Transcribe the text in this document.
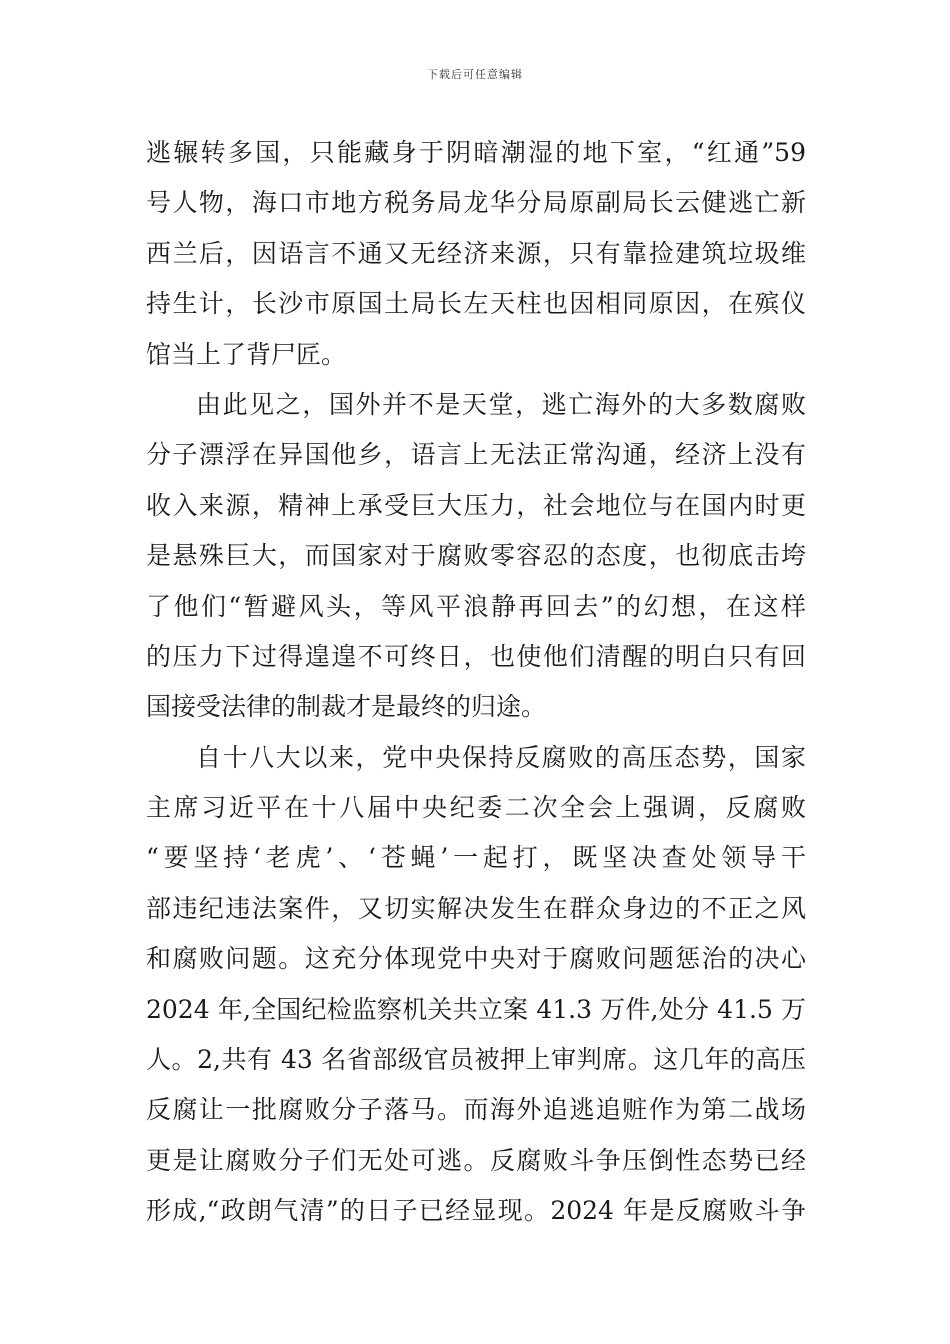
下载后可任意编辑
逃辗转多国，只能藏身于阴暗潮湿的地下室，“红通”59
号人物，海口市地方税务局龙华分局原副局长云健逃亡新
西兰后，因语言不通又无经济来源，只有靠捡建筑垃圾维
持生计，长沙市原国土局长左天柱也因相同原因，在殡仪
馆当上了背尸匠。
由此见之，国外并不是天堂，逃亡海外的大多数腐败
分子漂浮在异国他乡，语言上无法正常沟通，经济上没有
收入来源，精神上承受巨大压力，社会地位与在国内时更
是悬殊巨大，而国家对于腐败零容忍的态度，也彻底击垮
了他们“暂避风头，等风平浪静再回去”的幻想，在这样
的压力下过得遑遑不可终日，也使他们清醒的明白只有回
国接受法律的制裁才是最终的归途。
自十八大以来，党中央保持反腐败的高压态势，国家
主席习近平在十八届中央纪委二次全会上强调，反腐败
“要坚持‘老虎’、‘苍蝇’一起打，既坚决查处领导干
部违纪违法案件，又切实解决发生在群众身边的不正之风
和腐败问题。这充分体现党中央对于腐败问题惩治的决心
2024 年,全国纪检监察机关共立案 41.3 万件,处分 41.5 万
人。2,共有 43 名省部级官员被押上审判席。这几年的高压
反腐让一批腐败分子落马。而海外追逃追赃作为第二战场
更是让腐败分子们无处可逃。反腐败斗争压倒性态势已经
形成,“政朗气清”的日子已经显现。2024 年是反腐败斗争
